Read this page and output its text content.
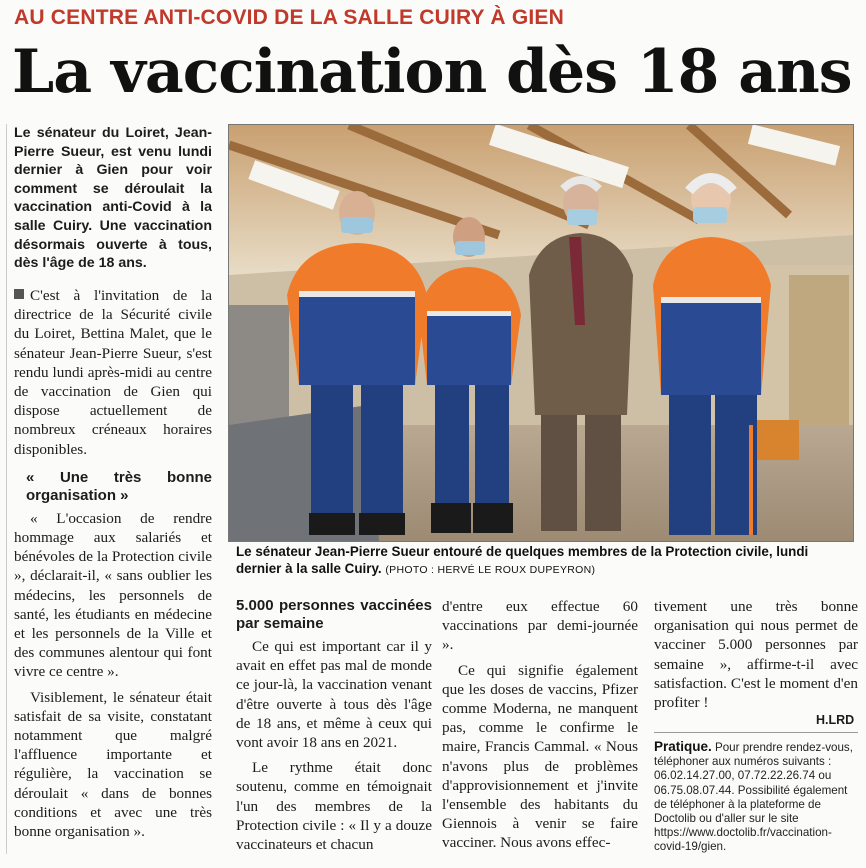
AU CENTRE ANTI-COVID DE LA SALLE CUIRY À GIEN
La vaccination dès 18 ans
Le sénateur du Loiret, Jean-Pierre Sueur, est venu lundi dernier à Gien pour voir comment se déroulait la vaccination anti-Covid à la salle Cuiry. Une vaccination désormais ouverte à tous, dès l'âge de 18 ans.

C'est à l'invitation de la directrice de la Sécurité civile du Loiret, Bettina Malet, que le sénateur Jean-Pierre Sueur, s'est rendu lundi après-midi au centre de vaccination de Gien qui dispose actuellement de nombreux créneaux horaires disponibles.

« Une très bonne organisation »

« L'occasion de rendre hommage aux salariés et bénévoles de la Protection civile », déclarait-il, « sans oublier les médecins, les personnels de santé, les étudiants en médecine et les personnels de la Ville et des communes alentour qui font vivre ce centre ».

Visiblement, le sénateur était satisfait de sa visite, constatant notamment que malgré l'affluence importante et régulière, la vaccination se déroulait « dans de bonnes conditions et avec une très bonne organisation ».

Le sénateur Jean-Pierre Sueur entouré de quelques membres de la Protection civile, lundi dernier à la salle Cuiry. (PHOTO : HERVÉ LE ROUX DUPEYRON)

5.000 personnes vaccinées par semaine

Ce qui est important car il y avait en effet pas mal de monde ce jour-là, la vaccination venant d'être ouverte à tous dès l'âge de 18 ans, et même à ceux qui vont avoir 18 ans en 2021.

Le rythme était donc soutenu, comme en témoignait l'un des membres de la Protection civile : « Il y a douze vaccinateurs et chacun

d'entre eux effectue 60 vaccinations par demi-journée ».

Ce qui signifie également que les doses de vaccins, Pfizer comme Moderna, ne manquent pas, comme le confirme le maire, Francis Cammal. « Nous n'avons plus de problèmes d'approvisionnement et j'invite l'ensemble des habitants du Giennois à venir se faire vacciner. Nous avons effec-

tivement une très bonne organisation qui nous permet de vacciner 5.000 personnes par semaine », affirme-t-il avec satisfaction. C'est le moment d'en profiter !

H.LRD
Pratique. Pour prendre rendez-vous, téléphoner aux numéros suivants : 06.02.14.27.00, 07.72.22.26.74 ou 06.75.08.07.44. Possibilité également de téléphoner à la plateforme de Doctolib ou d'aller sur le site https://www.doctolib.fr/vaccination-covid-19/gien.
